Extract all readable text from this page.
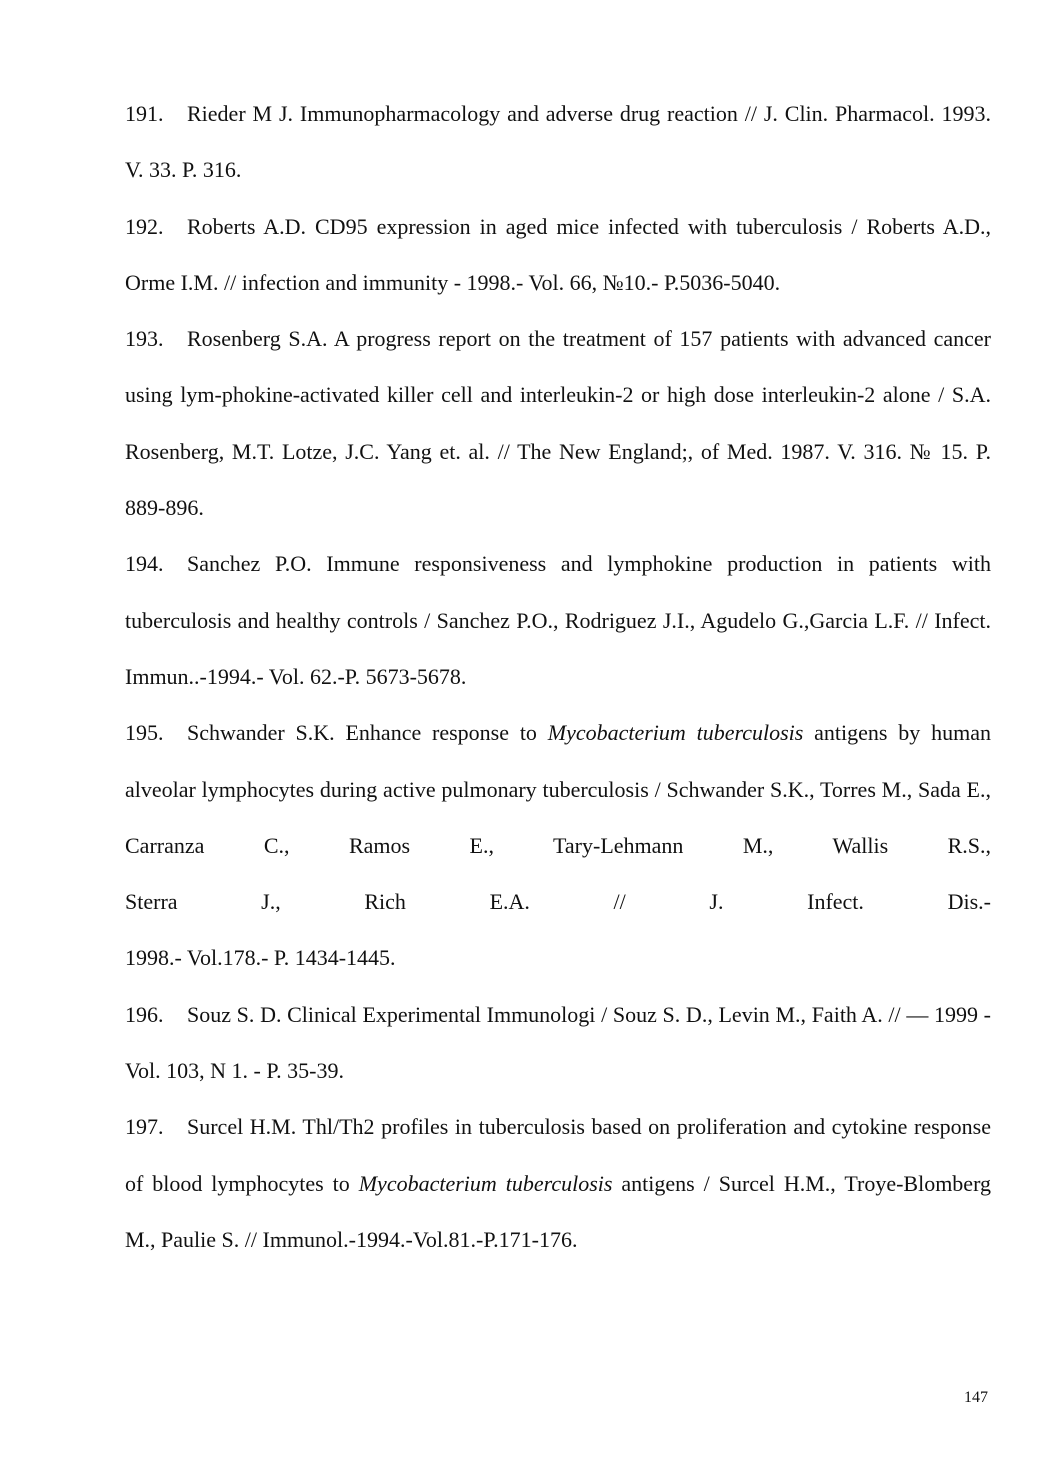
191. Rieder M J. Immunopharmacology and adverse drug reaction // J. Clin. Pharmacol. 1993. V. 33. P. 316.

192. Roberts A.D. CD95 expression in aged mice infected with tuberculosis / Roberts A.D., Orme I.M. // infection and immunity - 1998.- Vol. 66, №10.- P.5036-5040.

193. Rosenberg S.A. A progress report on the treatment of 157 patients with advanced cancer using lym-phokine-activated killer cell and interleukin-2 or high dose interleukin-2 alone / S.A. Rosenberg, M.T. Lotze, J.C. Yang et. al. // The New England;, of Med. 1987. V. 316. № 15. P. 889-896.

194. Sanchez P.O. Immune responsiveness and lymphokine production in patients with tuberculosis and healthy controls / Sanchez P.O., Rodriguez J.I., Agudelo G.,Garcia L.F. // Infect. Immun..-1994.- Vol. 62.-P. 5673-5678.

195. Schwander S.K. Enhance response to Mycobacterium tuberculosis antigens by human alveolar lymphocytes during active pulmonary tuberculosis / Schwander S.K., Torres M., Sada E., Carranza C., Ramos E., Tary-Lehmann M., Wallis R.S.,

Sterra	J.,	Rich	E.A.	//	J.	Infect.	Dis.-

1998.- Vol.178.- P. 1434-1445.

196. Souz S. D. Clinical Experimental Immunologi / Souz S. D., Levin M., Faith A. // — 1999 -Vol. 103, N 1. - P. 35-39.

197. Surcel H.M. Thl/Th2 profiles in tuberculosis based on proliferation and cytokine response of blood lymphocytes to Mycobacterium tuberculosis antigens / Surcel H.M., Troye-Blomberg M., Paulie S. // Immunol.-1994.-Vol.81.-P.171-176.

147
